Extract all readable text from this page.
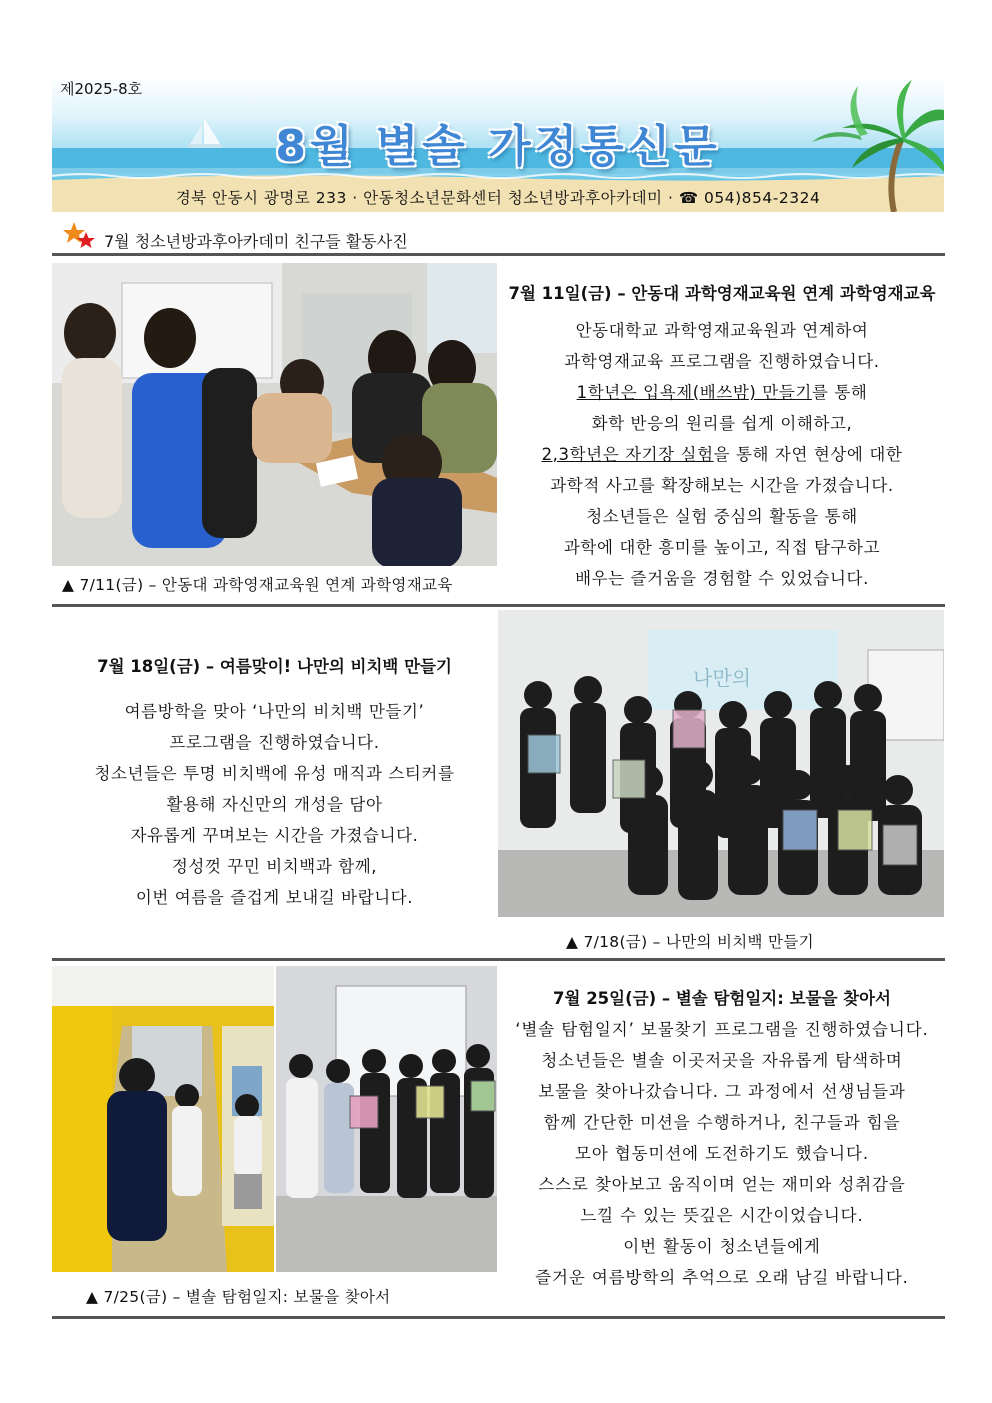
제2025-8호
8월 별솔 가정통신문
경북 안동시 광명로 233 · 안동청소년문화센터 청소년방과후아카데미 · ☎ 054)854-2324
7월 청소년방과후아카데미 친구들 활동사진
▲ 7/11(금) – 안동대 과학영재교육원 연계 과학영재교육

7월 11일(금) – 안동대 과학영재교육원 연계 과학영재교육

안동대학교 과학영재교육원과 연계하여

과학영재교육 프로그램을 진행하였습니다.

1학년은 입욕제(배쓰밤) 만들기를 통해

화학 반응의 원리를 쉽게 이해하고,

2,3학년은 자기장 실험을 통해 자연 현상에 대한

과학적 사고를 확장해보는 시간을 가졌습니다.

청소년들은 실험 중심의 활동을 통해

과학에 대한 흥미를 높이고, 직접 탐구하고

배우는 즐거움을 경험할 수 있었습니다.

7월 18일(금) – 여름맞이! 나만의 비치백 만들기

여름방학을 맞아 ‘나만의 비치백 만들기’

프로그램을 진행하였습니다.

청소년들은 투명 비치백에 유성 매직과 스티커를

활용해 자신만의 개성을 담아

자유롭게 꾸며보는 시간을 가졌습니다.

정성껏 꾸민 비치백과 함께,

이번 여름을 즐겁게 보내길 바랍니다.

나만의
▲ 7/18(금) – 나만의 비치백 만들기
▲ 7/25(금) – 별솔 탐험일지: 보물을 찾아서

7월 25일(금) – 별솔 탐험일지: 보물을 찾아서

‘별솔 탐험일지’ 보물찾기 프로그램을 진행하였습니다.

청소년들은 별솔 이곳저곳을 자유롭게 탐색하며

보물을 찾아나갔습니다. 그 과정에서 선생님들과

함께 간단한 미션을 수행하거나, 친구들과 힘을

모아 협동미션에 도전하기도 했습니다.

스스로 찾아보고 움직이며 얻는 재미와 성취감을

느낄 수 있는 뜻깊은 시간이었습니다.

이번 활동이 청소년들에게

즐거운 여름방학의 추억으로 오래 남길 바랍니다.
